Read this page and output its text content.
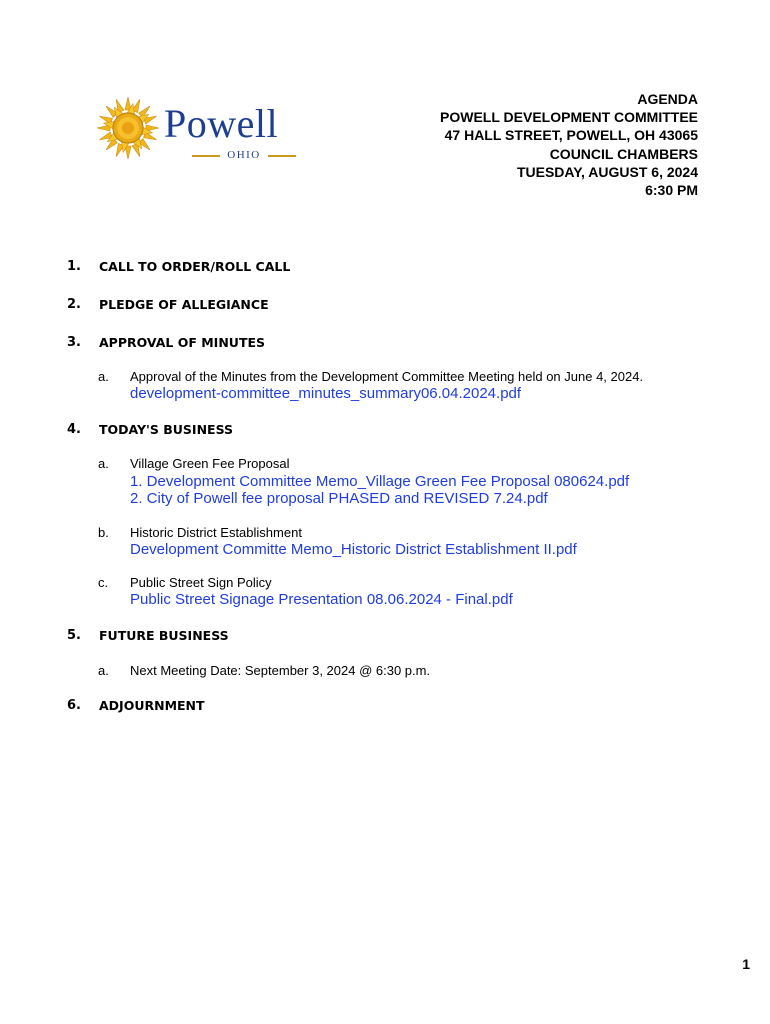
Powell
OHIO
AGENDA
POWELL DEVELOPMENT COMMITTEE
47 HALL STREET, POWELL, OH 43065
COUNCIL CHAMBERS
TUESDAY, AUGUST 6, 2024
6:30 PM
1. CALL TO ORDER/ROLL CALL
2. PLEDGE OF ALLEGIANCE
3. APPROVAL OF MINUTES
a. Approval of the Minutes from the Development Committee Meeting held on June 4, 2024.
development-committee_minutes_summary06.04.2024.pdf
4. TODAY'S BUSINESS
a. Village Green Fee Proposal
1. Development Committee Memo_Village Green Fee Proposal 080624.pdf
2. City of Powell fee proposal PHASED and REVISED 7.24.pdf
b. Historic District Establishment
Development Committe Memo_Historic District Establishment II.pdf
c. Public Street Sign Policy
Public Street Signage Presentation 08.06.2024 - Final.pdf
5. FUTURE BUSINESS
a. Next Meeting Date: September 3, 2024 @ 6:30 p.m.
6. ADJOURNMENT
1
